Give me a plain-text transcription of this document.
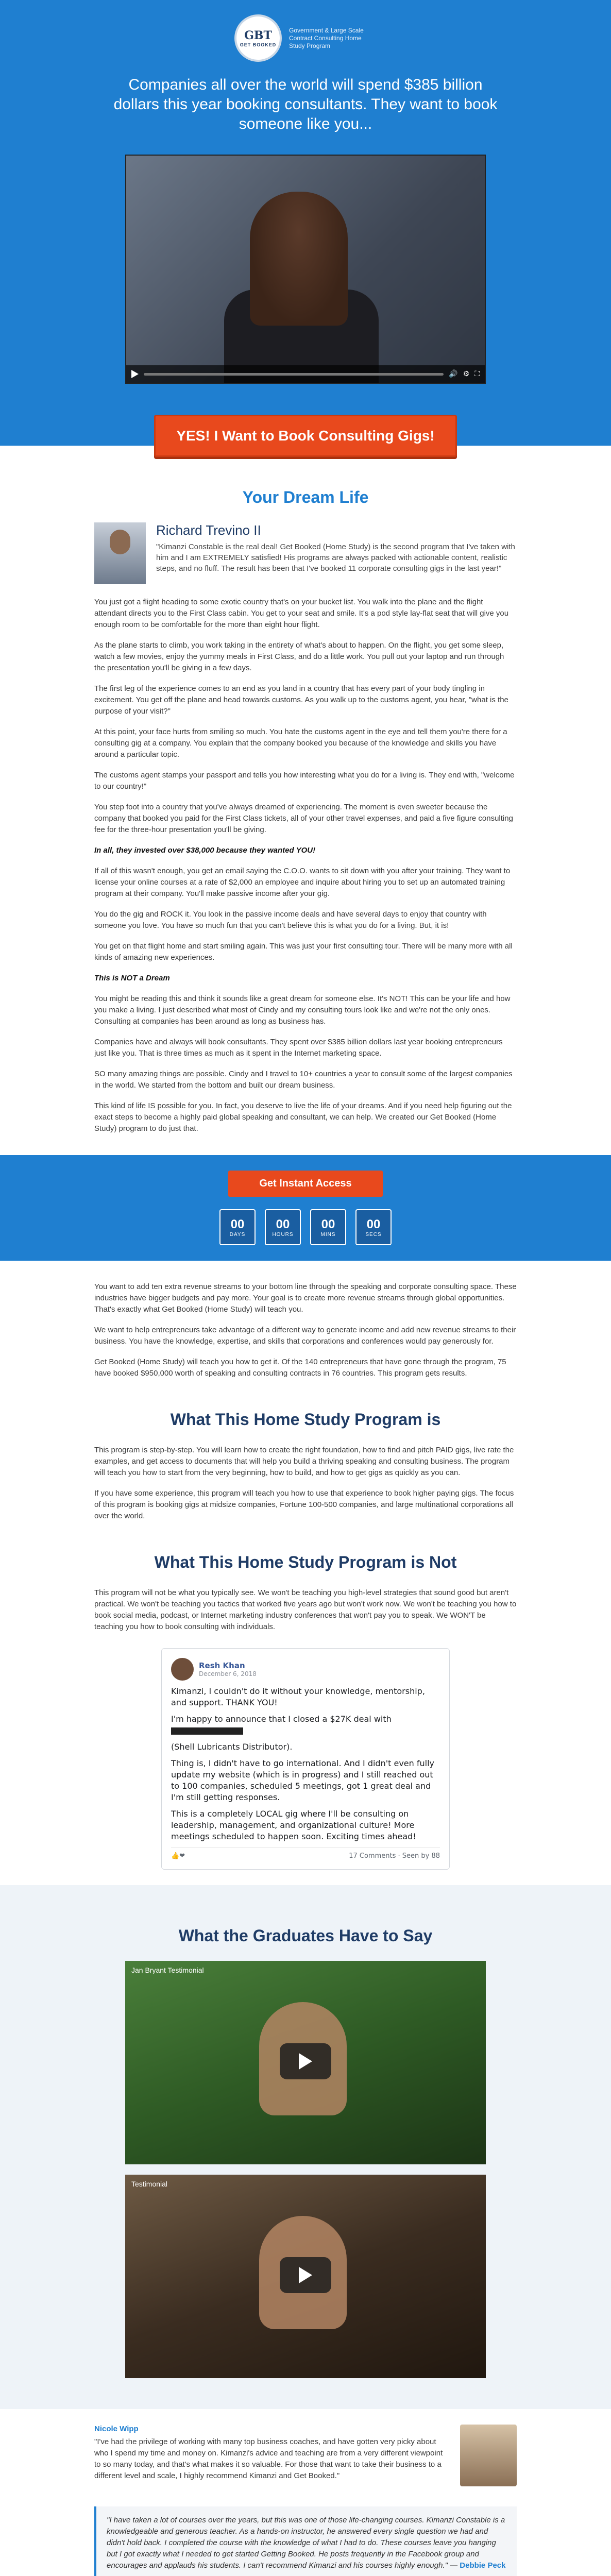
GBT
GET BOOKED
Government & Large Scale Contract Consulting Home Study Program
Companies all over the world will spend $385 billion dollars this year booking consultants. They want to book someone like you...
🔊 ⚙ ⛶
YES! I Want to Book Consulting Gigs!
Your Dream Life
Richard Trevino II
"Kimanzi Constable is the real deal! Get Booked (Home Study) is the second program that I've taken with him and I am EXTREMELY satisfied! His programs are always packed with actionable content, realistic steps, and no fluff. The result has been that I've booked 11 corporate consulting gigs in the last year!"

You just got a flight heading to some exotic country that's on your bucket list. You walk into the plane and the flight attendant directs you to the First Class cabin. You get to your seat and smile. It's a pod style lay-flat seat that will give you enough room to be comfortable for the more than eight hour flight.

As the plane starts to climb, you work taking in the entirety of what's about to happen. On the flight, you get some sleep, watch a few movies, enjoy the yummy meals in First Class, and do a little work. You pull out your laptop and run through the presentation you'll be giving in a few days.

The first leg of the experience comes to an end as you land in a country that has every part of your body tingling in excitement. You get off the plane and head towards customs. As you walk up to the customs agent, you hear, "what is the purpose of your visit?"

At this point, your face hurts from smiling so much. You hate the customs agent in the eye and tell them you're there for a consulting gig at a company. You explain that the company booked you because of the knowledge and skills you have around a particular topic.

The customs agent stamps your passport and tells you how interesting what you do for a living is. They end with, "welcome to our country!"

You step foot into a country that you've always dreamed of experiencing. The moment is even sweeter because the company that booked you paid for the First Class tickets, all of your other travel expenses, and paid a five figure consulting fee for the three-hour presentation you'll be giving.

In all, they invested over $38,000 because they wanted YOU!

If all of this wasn't enough, you get an email saying the C.O.O. wants to sit down with you after your training. They want to license your online courses at a rate of $2,000 an employee and inquire about hiring you to set up an automated training program at their company. You'll make passive income after your gig.

You do the gig and ROCK it. You look in the passive income deals and have several days to enjoy that country with someone you love. You have so much fun that you can't believe this is what you do for a living. But, it is!

You get on that flight home and start smiling again. This was just your first consulting tour. There will be many more with all kinds of amazing new experiences.

This is NOT a Dream

You might be reading this and think it sounds like a great dream for someone else. It's NOT! This can be your life and how you make a living. I just described what most of Cindy and my consulting tours look like and we're not the only ones. Consulting at companies has been around as long as business has.

Companies have and always will book consultants. They spent over $385 billion dollars last year booking entrepreneurs just like you. That is three times as much as it spent in the Internet marketing space.

SO many amazing things are possible. Cindy and I travel to 10+ countries a year to consult some of the largest companies in the world. We started from the bottom and built our dream business.

This kind of life IS possible for you. In fact, you deserve to live the life of your dreams. And if you need help figuring out the exact steps to become a highly paid global speaking and consultant, we can help. We created our Get Booked (Home Study) program to do just that.

Get Instant Access
00
DAYS
00
HOURS
00
MINS
00
SECS

You want to add ten extra revenue streams to your bottom line through the speaking and corporate consulting space. These industries have bigger budgets and pay more. Your goal is to create more revenue streams through global opportunities. That's exactly what Get Booked (Home Study) will teach you.

We want to help entrepreneurs take advantage of a different way to generate income and add new revenue streams to their business. You have the knowledge, expertise, and skills that corporations and conferences would pay generously for.

Get Booked (Home Study) will teach you how to get it. Of the 140 entrepreneurs that have gone through the program, 75 have booked $950,000 worth of speaking and consulting contracts in 76 countries. This program gets results.

What This Home Study Program is

This program is step-by-step. You will learn how to create the right foundation, how to find and pitch PAID gigs, live rate the examples, and get access to documents that will help you build a thriving speaking and consulting business. The program will teach you how to start from the very beginning, how to build, and how to get gigs as quickly as you can.

If you have some experience, this program will teach you how to use that experience to book higher paying gigs. The focus of this program is booking gigs at midsize companies, Fortune 100-500 companies, and large multinational corporations all over the world.

What This Home Study Program is Not

This program will not be what you typically see. We won't be teaching you high-level strategies that sound good but aren't practical. We won't be teaching you tactics that worked five years ago but won't work now. We won't be teaching you how to book social media, podcast, or Internet marketing industry conferences that won't pay you to speak. We WON'T be teaching you how to book consulting with individuals.

Resh Khan
December 6, 2018

Kimanzi, I couldn't do it without your knowledge, mentorship, and support. THANK YOU!

I'm happy to announce that I closed a $27K deal with

(Shell Lubricants Distributor).

Thing is, I didn't have to go international. And I didn't even fully update my website (which is in progress) and I still reached out to 100 companies, scheduled 5 meetings, got 1 great deal and I'm still getting responses.

This is a completely LOCAL gig where I'll be consulting on leadership, management, and organizational culture! More meetings scheduled to happen soon. Exciting times ahead!

👍❤	17 Comments · Seen by 88
What the Graduates Have to Say
Jan Bryant Testimonial
Testimonial
Nicole Wipp

"I've had the privilege of working with many top business coaches, and have gotten very picky about who I spend my time and money on. Kimanzi's advice and teaching are from a very different viewpoint to so many today, and that's what makes it so valuable. For those that want to take their business to a different level and scale, I highly recommend Kimanzi and Get Booked."

"I have taken a lot of courses over the years, but this was one of those life-changing courses. Kimanzi Constable is a knowledgeable and generous teacher. As a hands-on instructor, he answered every single question we had and didn't hold back. I completed the course with the knowledge of what I had to do. These courses leave you hanging but I got exactly what I needed to get started Getting Booked. He posts frequently in the Facebook group and encourages and applauds his students. I can't recommend Kimanzi and his courses highly enough." — Debbie Peck
